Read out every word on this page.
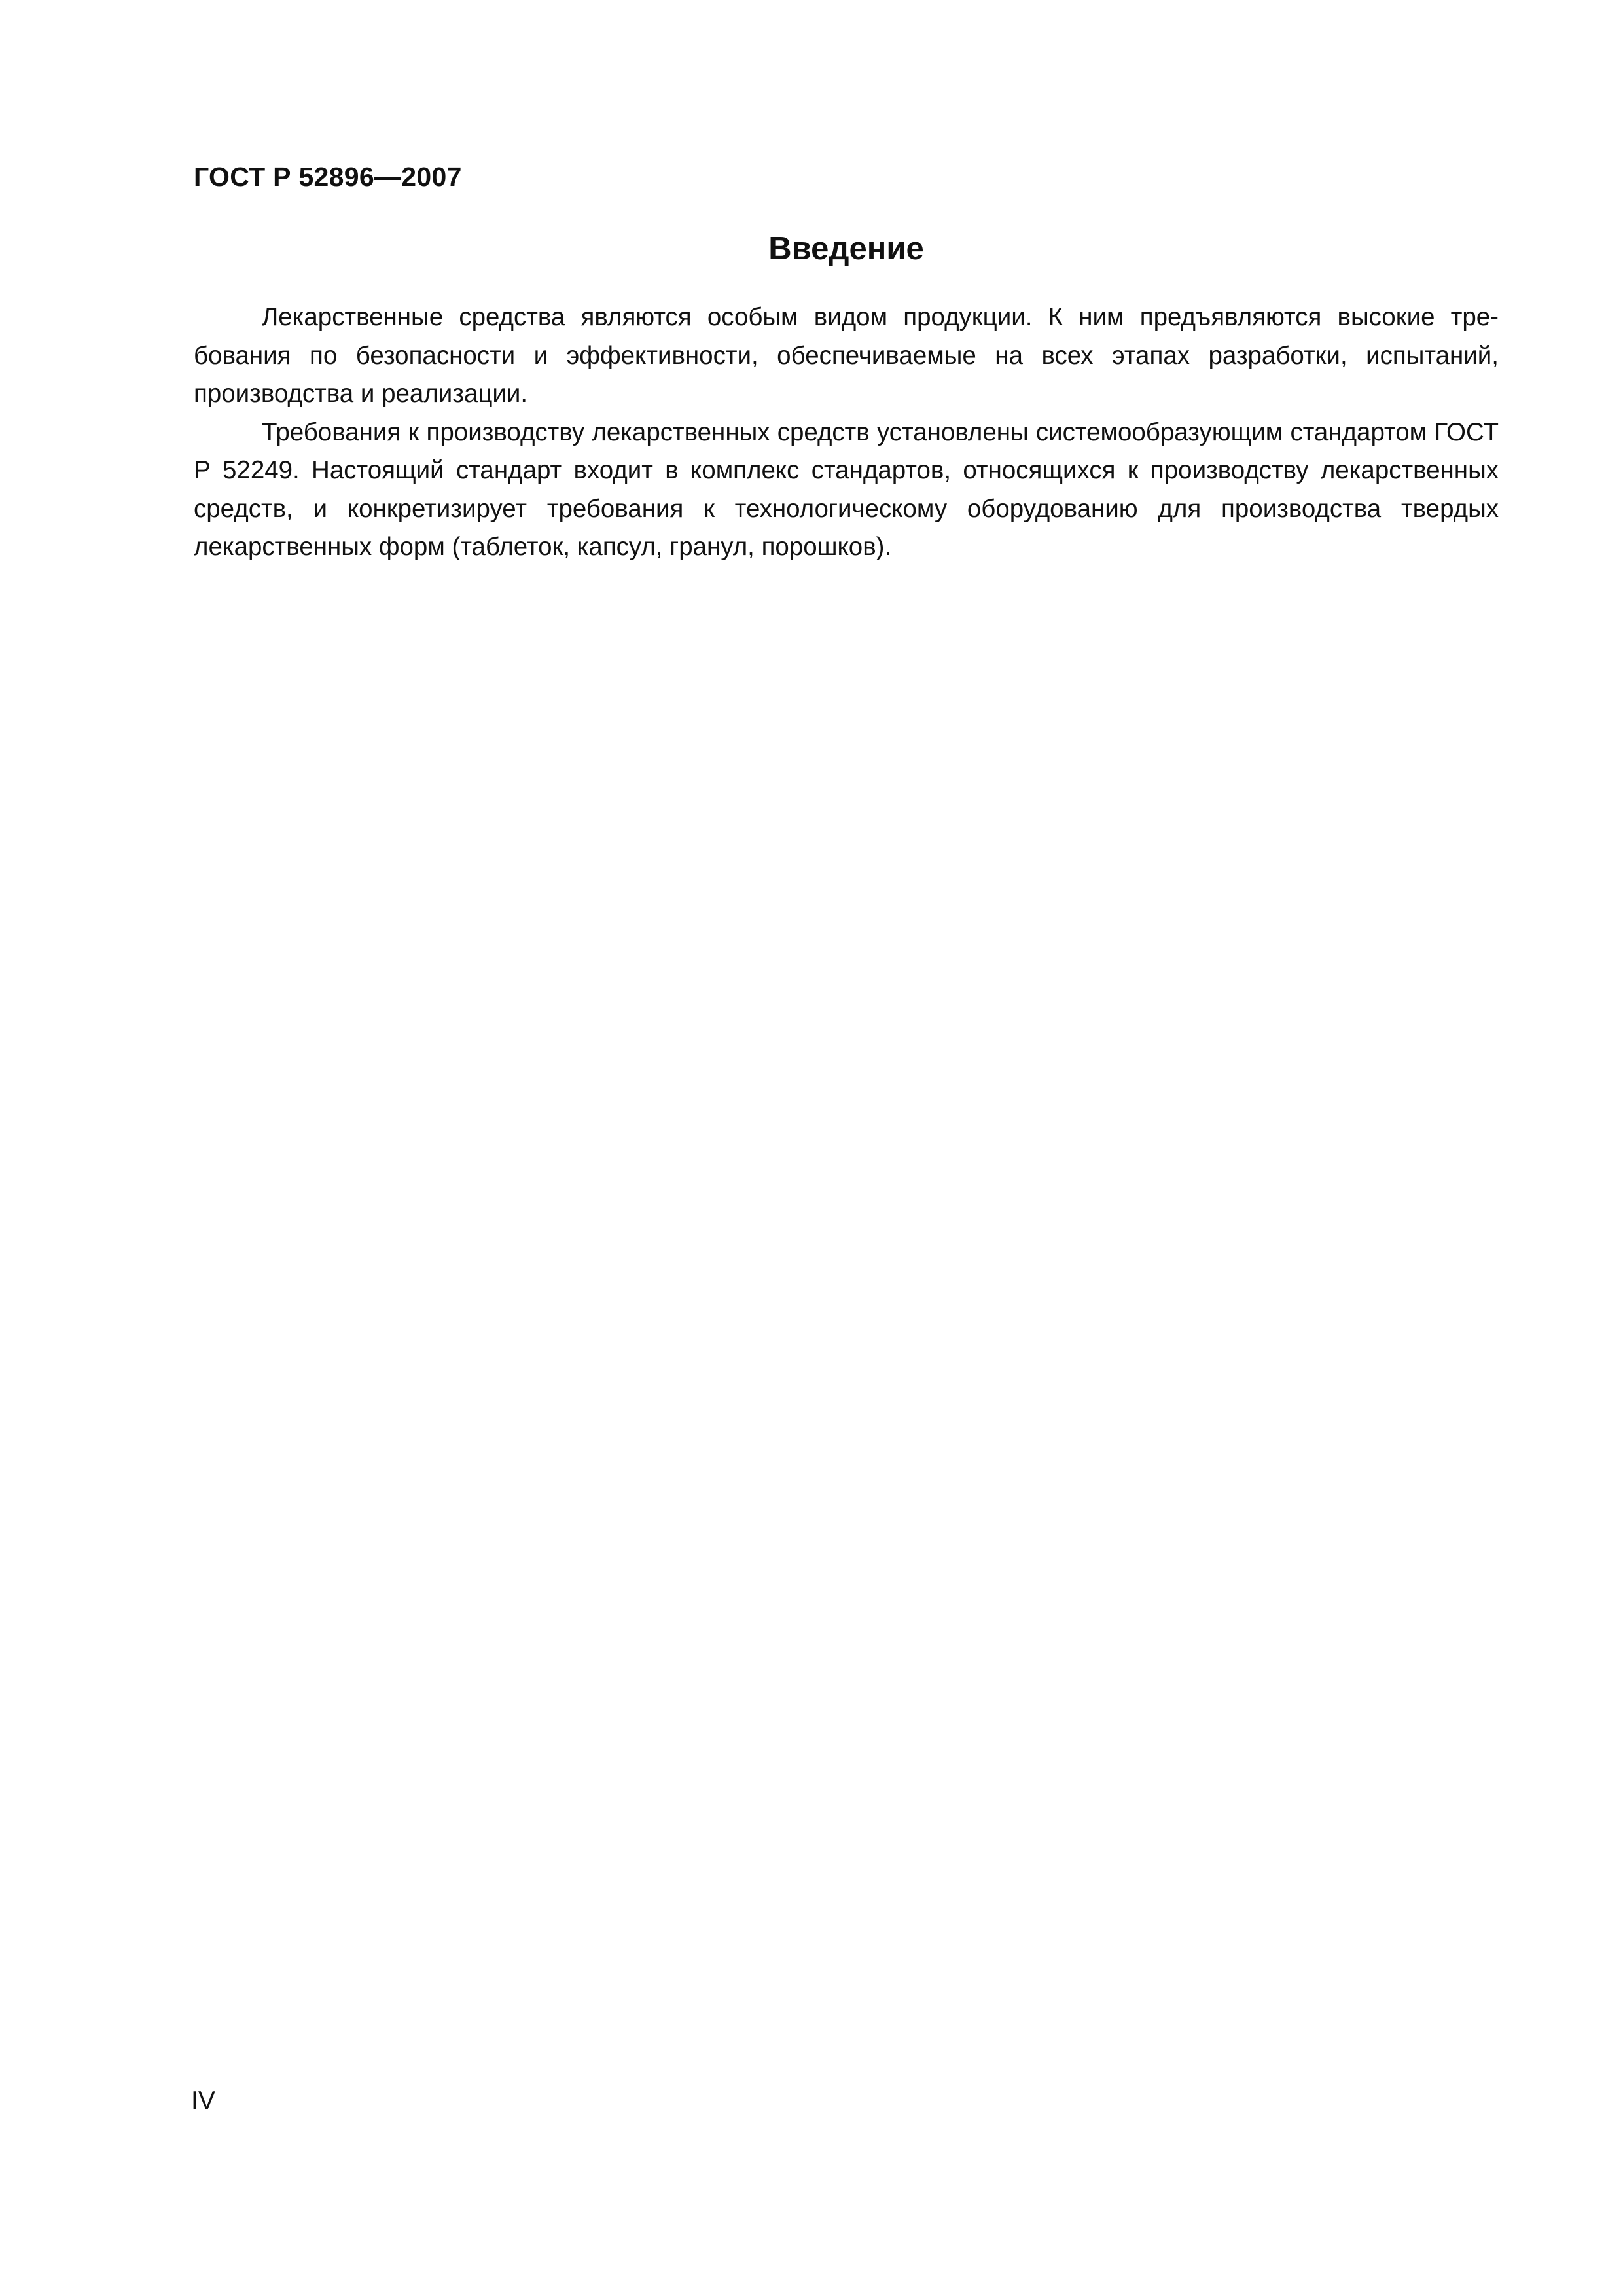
ГОСТ Р 52896—2007
Введение

Лекарственные средства являются особым видом продукции. К ним предъявляются высокие требования по безопасности и эффективности, обеспечиваемые на всех этапах разработки, испытаний, производства и реализации.

Требования к производству лекарственных средств установлены системообразующим стандартом ГОСТ Р 52249. Настоящий стандарт входит в комплекс стандартов, относящихся к производству лекарственных средств, и конкретизирует требования к технологическому оборудованию для производства твердых лекарственных форм (таблеток, капсул, гранул, порошков).

IV
